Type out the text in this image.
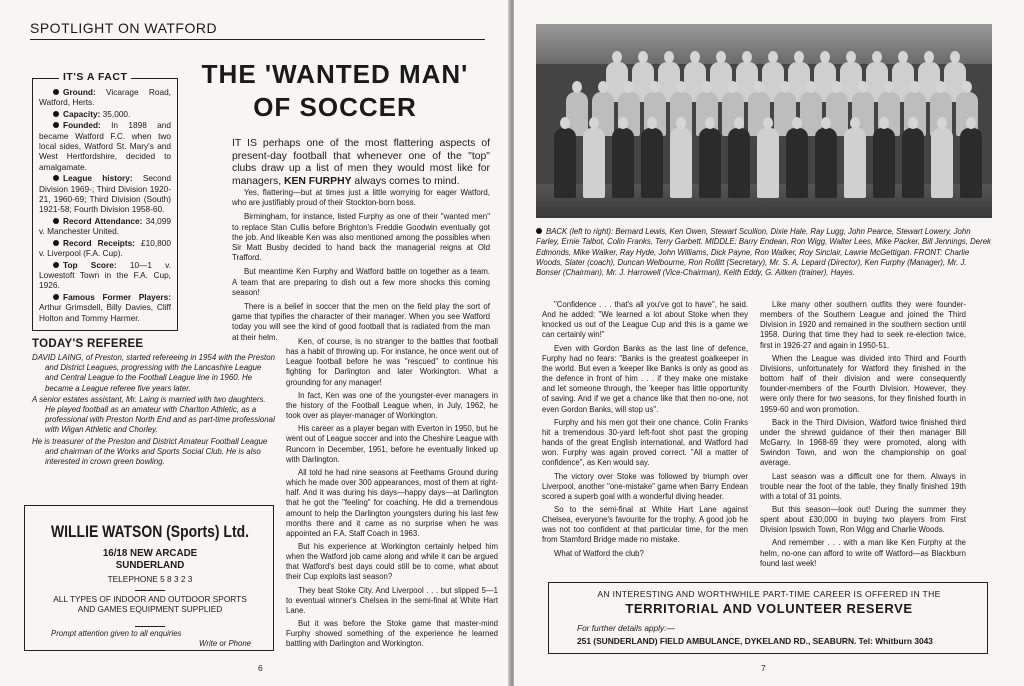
SPOTLIGHT ON WATFORD
IT'S A FACT
Ground: Vicarage Road, Watford, Herts.
Capacity: 35,000.
Founded: In 1898 and became Watford F.C. when two local sides, Watford St. Mary's and West Hertfordshire, decided to amalgamate.
League history: Second Division 1969-; Third Division 1920-21, 1960-69; Third Division (South) 1921-58; Fourth Division 1958-60.
Record Attendance: 34,099 v. Manchester United.
Record Receipts: £10,800 v. Liverpool (F.A. Cup).
Top Score: 10—1 v. Lowestoft Town in the F.A. Cup, 1926.
Famous Former Players: Arthur Grimsdell, Billy Davies, Cliff Holton and Tommy Harmer.
THE 'WANTED MAN'
OF SOCCER
IT IS perhaps one of the most flattering aspects of present-day football that whenever one of the "top" clubs draw up a list of men they would most like for managers, KEN FURPHY always comes to mind.

Yes, flattering—but at times just a little worrying for eager Watford, who are justifiably proud of their Stockton-born boss.

Birmingham, for instance, listed Furphy as one of their "wanted men" to replace Stan Cullis before Brighton's Freddie Goodwin eventually got the job. And likeable Ken was also mentioned among the possibles when Sir Matt Busby decided to hand back the managerial reigns at Old Trafford.

But meantime Ken Furphy and Watford battle on together as a team. A team that are preparing to dish out a few more shocks this coming season!

There is a belief in soccer that the men on the field play the sort of game that typifies the character of their manager. When you see Watford today you will see the kind of good football that is radiated from the man at their helm.

TODAY'S REFEREE

DAVID LAING, of Preston, started refereeing in 1954 with the Preston and District Leagues, progressing with the Lancashire League and Central League to the Football League line in 1960. He became a League referee five years later.

A senior estates assistant, Mr. Laing is married with two daughters. He played football as an amateur with Charlton Athletic, as a professional with Preston North End and as part-time professional with Wigan Athletic and Chorley.

He is treasurer of the Preston and District Amateur Football League and chairman of the Works and Sports Social Club. He is also interested in crown green bowling.

WILLIE WATSON (Sports) Ltd.
16/18 NEW ARCADE
SUNDERLAND
TELEPHONE 5 8 3 2 3
ALL TYPES OF INDOOR AND OUTDOOR SPORTS AND GAMES EQUIPMENT SUPPLIED
Prompt attention given to all enquiries
Write or Phone

Ken, of course, is no stranger to the battles that football has a habit of throwing up. For instance, he once went out of League football before he was "rescued" to continue his fighting for Darlington and later Workington. What a grounding for any manager!

In fact, Ken was one of the youngster-ever managers in the history of the Football League when, in July, 1962, he took over as player-manager of Workington.

His career as a player began with Everton in 1950, but he went out of League soccer and into the Cheshire League with Runcorn in December, 1951, before he eventually linked up with Darlington.

All told he had nine seasons at Feethams Ground during which he made over 300 appearances, most of them at right-half. And it was during his days—happy days—at Darlington that he got the "feeling" for coaching. He did a tremendous amount to help the Darlington youngsters during his last few months there and it came as no surprise when he was appointed an F.A. Staff Coach in 1963.

But his experience at Workington certainly helped him when the Watford job came along and while it can be argued that Watford's best days could still be to come, what about their Cup exploits last season?

They beat Stoke City. And Liverpool . . . but slipped 5—1 to eventual winner's Chelsea in the semi-final at White Hart Lane.

But it was before the Stoke game that master-mind Furphy showed something of the experience he learned battling with Darlington and Workington.

6
BACK (left to right): Bernard Lewis, Ken Owen, Stewart Scullion, Dixie Hale, Ray Lugg, John Pearce, Stewart Lowery, John Farley, Ernie Talbot, Colin Franks, Terry Garbett. MIDDLE: Barry Endean, Ron Wigg, Walter Lees, Mike Packer, Bill Jennings, Derek Edmonds, Mike Walker, Ray Hyde, John Williams, Dick Payne, Ron Walker, Roy Sinclair, Lawrie McGettigan. FRONT: Charlie Woods, Slater (coach), Duncan Welbourne, Ron Rollitt (Secretary), Mr. S. A. Lepard (Director), Ken Furphy (Manager), Mr. J. Bonser (Chairman), Mr. J. Harrowell (Vice-Chairman), Keith Eddy, G. Aitken (trainer), Hayes.

"Confidence . . . that's all you've got to have", he said. And he added: "We learned a lot about Stoke when they knocked us out of the League Cup and this is a game we can certainly win!"

Even with Gordon Banks as the last line of defence, Furphy had no fears: "Banks is the greatest goalkeeper in the world. But even a 'keeper like Banks is only as good as the defence in front of him . . . if they make one mistake and let someone through, the 'keeper has little opportunity of saving. And if we get a chance like that then no-one, not even Gordon Banks, will stop us".

Furphy and his men got their one chance. Colin Franks hit a tremendous 30-yard left-foot shot past the groping hands of the great English international, and Watford had won. Furphy was again proved correct. "All a matter of confidence", as Ken would say.

The victory over Stoke was followed by triumph over Liverpool, another "one-mistake" game when Barry Endean scored a superb goal with a wonderful diving header.

So to the semi-final at White Hart Lane against Chelsea, everyone's favourite for the trophy. A good job he was not too confident at that particular time, for the men from Stamford Bridge made no mistake.

What of Watford the club?

Like many other southern outfits they were founder-members of the Southern League and joined the Third Division in 1920 and remained in the southern section until 1958. During that time they had to seek re-election twice, first in 1926-27 and again in 1950-51.

When the League was divided into Third and Fourth Divisions, unfortunately for Watford they finished in the bottom half of their division and were consequently founder-members of the Fourth Division. However, they were only there for two seasons, for they finished fourth in 1959-60 and won promotion.

Back in the Third Division, Watford twice finished third under the shrewd guidance of their then manager Bill McGarry. In 1968-69 they were promoted, along with Swindon Town, and won the championship on goal average.

Last season was a difficult one for them. Always in trouble near the foot of the table, they finally finished 19th with a total of 31 points.

But this season—look out! During the summer they spent about £30,000 in buying two players from First Division Ipswich Town, Ron Wigg and Charlie Woods.

And remember . . . with a man like Ken Furphy at the helm, no-one can afford to write off Watford—as Blackburn found last week!

AN INTERESTING AND WORTHWHILE PART-TIME CAREER IS OFFERED IN THE
TERRITORIAL AND VOLUNTEER RESERVE
For further details apply:—
251 (SUNDERLAND) FIELD AMBULANCE, DYKELAND RD., SEABURN. Tel: Whitburn 3043
7
